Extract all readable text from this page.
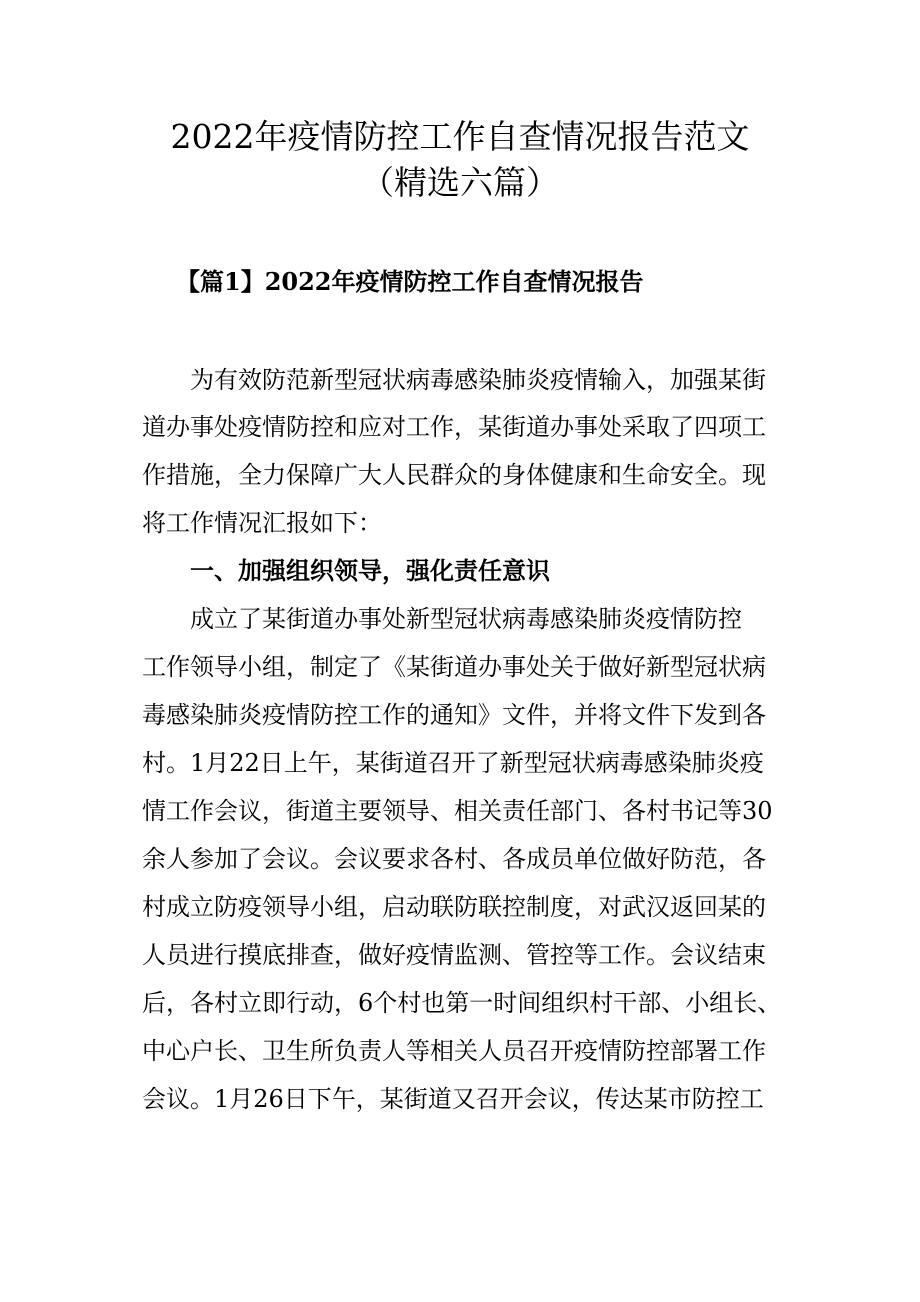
2022年疫情防控工作自查情况报告范文
（精选六篇）
【篇1】2022年疫情防控工作自查情况报告

　　为有效防范新型冠状病毒感染肺炎疫情输入，加强某街

道办事处疫情防控和应对工作，某街道办事处采取了四项工

作措施，全力保障广大人民群众的身体健康和生命安全。现

将工作情况汇报如下：

　　一、加强组织领导，强化责任意识

　　成立了某街道办事处新型冠状病毒感染肺炎疫情防控

工作领导小组，制定了《某街道办事处关于做好新型冠状病

毒感染肺炎疫情防控工作的通知》文件，并将文件下发到各

村。1月22日上午，某街道召开了新型冠状病毒感染肺炎疫

情工作会议，街道主要领导、相关责任部门、各村书记等30

余人参加了会议。会议要求各村、各成员单位做好防范，各

村成立防疫领导小组，启动联防联控制度，对武汉返回某的

人员进行摸底排查，做好疫情监测、管控等工作。会议结束

后，各村立即行动，6个村也第一时间组织村干部、小组长、

中心户长、卫生所负责人等相关人员召开疫情防控部署工作

会议。1月26日下午，某街道又召开会议，传达某市防控工
